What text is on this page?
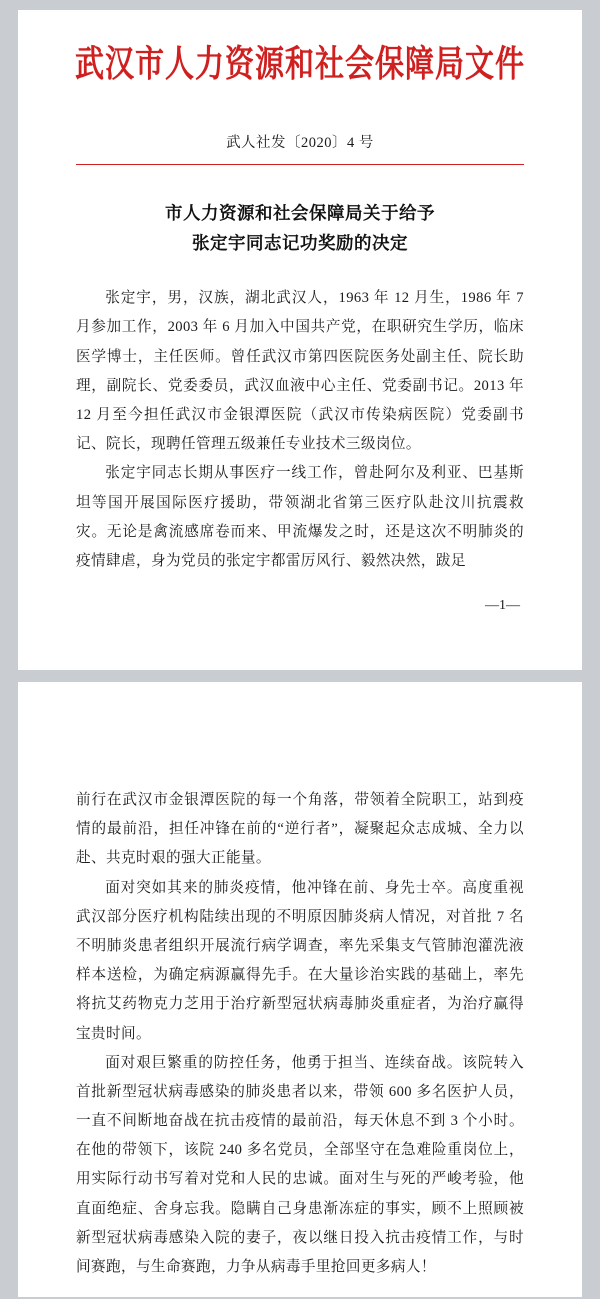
武汉市人力资源和社会保障局文件
武人社发〔2020〕4 号
市人力资源和社会保障局关于给予
张定宇同志记功奖励的决定

张定宇，男，汉族，湖北武汉人，1963 年 12 月生，1986 年 7 月参加工作，2003 年 6 月加入中国共产党，在职研究生学历，临床医学博士，主任医师。曾任武汉市第四医院医务处副主任、院长助理，副院长、党委委员，武汉血液中心主任、党委副书记。2013 年 12 月至今担任武汉市金银潭医院（武汉市传染病医院）党委副书记、院长，现聘任管理五级兼任专业技术三级岗位。

张定宇同志长期从事医疗一线工作，曾赴阿尔及利亚、巴基斯坦等国开展国际医疗援助，带领湖北省第三医疗队赴汶川抗震救灾。无论是禽流感席卷而来、甲流爆发之时，还是这次不明肺炎的疫情肆虐，身为党员的张定宇都雷厉风行、毅然决然，跋足

—1—

前行在武汉市金银潭医院的每一个角落，带领着全院职工，站到疫情的最前沿，担任冲锋在前的“逆行者”，凝聚起众志成城、全力以赴、共克时艰的强大正能量。

面对突如其来的肺炎疫情，他冲锋在前、身先士卒。高度重视武汉部分医疗机构陆续出现的不明原因肺炎病人情况，对首批 7 名不明肺炎患者组织开展流行病学调查，率先采集支气管肺泡灌洗液样本送检，为确定病源赢得先手。在大量诊治实践的基础上，率先将抗艾药物克力芝用于治疗新型冠状病毒肺炎重症者，为治疗赢得宝贵时间。

面对艰巨繁重的防控任务，他勇于担当、连续奋战。该院转入首批新型冠状病毒感染的肺炎患者以来，带领 600 多名医护人员，一直不间断地奋战在抗击疫情的最前沿，每天休息不到 3 个小时。在他的带领下，该院 240 多名党员，全部坚守在急难险重岗位上，用实际行动书写着对党和人民的忠诚。面对生与死的严峻考验，他直面绝症、舍身忘我。隐瞒自己身患渐冻症的事实，顾不上照顾被新型冠状病毒感染入院的妻子，夜以继日投入抗击疫情工作，与时间赛跑，与生命赛跑，力争从病毒手里抢回更多病人！
